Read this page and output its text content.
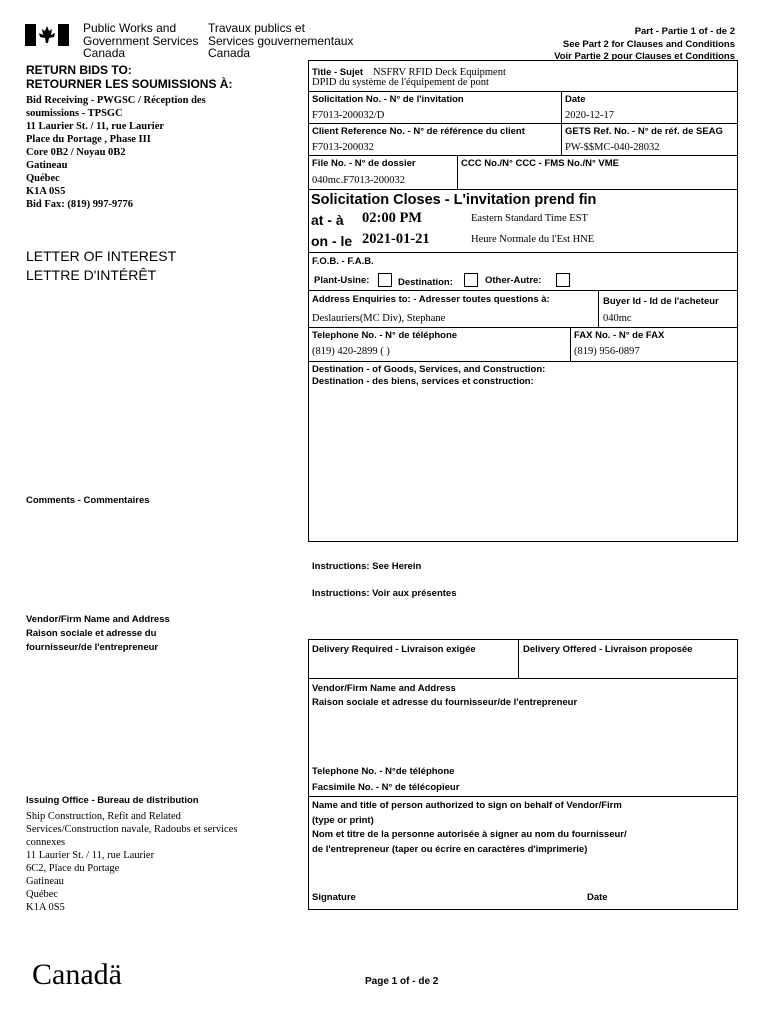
Public Works and
Government Services
Canada
Travaux publics et
Services gouvernementaux
Canada
Part - Partie 1 of - de 2
See Part 2 for Clauses and Conditions
Voir Partie 2 pour Clauses et Conditions
RETURN BIDS TO:
RETOURNER LES SOUMISSIONS À:
Bid Receiving - PWGSC / Réception des
soumissions - TPSGC
11 Laurier St. / 11, rue Laurier
Place du Portage , Phase III
Core 0B2 / Noyau 0B2
Gatineau
Québec
K1A 0S5
Bid Fax: (819) 997-9776
LETTER OF INTEREST
LETTRE D'INTÉRÊT
Comments - Commentaires
Vendor/Firm Name and Address
Raison sociale et adresse du
fournisseur/de l'entrepreneur
Issuing Office - Bureau de distribution
Ship Construction, Refit and Related
Services/Construction navale, Radoubs et services
connexes
11 Laurier St. / 11, rue Laurier
6C2, Place du Portage
Gatineau
Québec
K1A 0S5
Title - Sujet NSFRV RFID Deck Equipment
DPID du système de l'équipement de pont
Solicitation No. - N° de l'invitation
F7013-200032/D
Date
2020-12-17
Client Reference No. - N° de référence du client
F7013-200032
GETS Ref. No. - N° de réf. de SEAG
PW-$$MC-040-28032
File No. - N° de dossier
040mc.F7013-200032
CCC No./N° CCC - FMS No./N° VME
Solicitation Closes - L'invitation prend fin
at - à 02:00 PM	Eastern Standard Time EST
on - le 2021-01-21	Heure Normale du l'Est HNE
F.O.B. - F.A.B.
Plant-Usine:	Destination:	Other-Autre:
Address Enquiries to: - Adresser toutes questions à:
Deslauriers(MC Div), Stephane
Buyer Id - Id de l'acheteur
040mc
Telephone No. - N° de téléphone
(819) 420-2899 ( )
FAX No. - N° de FAX
(819) 956-0897
Destination - of Goods, Services, and Construction:
Destination - des biens, services et construction:
Instructions: See Herein
Instructions: Voir aux présentes
Delivery Required - Livraison exigée	Delivery Offered - Livraison proposée
Vendor/Firm Name and Address
Raison sociale et adresse du fournisseur/de l'entrepreneur
Telephone No. - N°de téléphone
Facsimile No. - N° de télécopieur
Name and title of person authorized to sign on behalf of Vendor/Firm
(type or print)
Nom et titre de la personne autorisée à signer au nom du fournisseur/
de l'entrepreneur (taper ou écrire en caractères d'imprimerie)
Signature	Date
Canadä	Page 1 of - de 2
